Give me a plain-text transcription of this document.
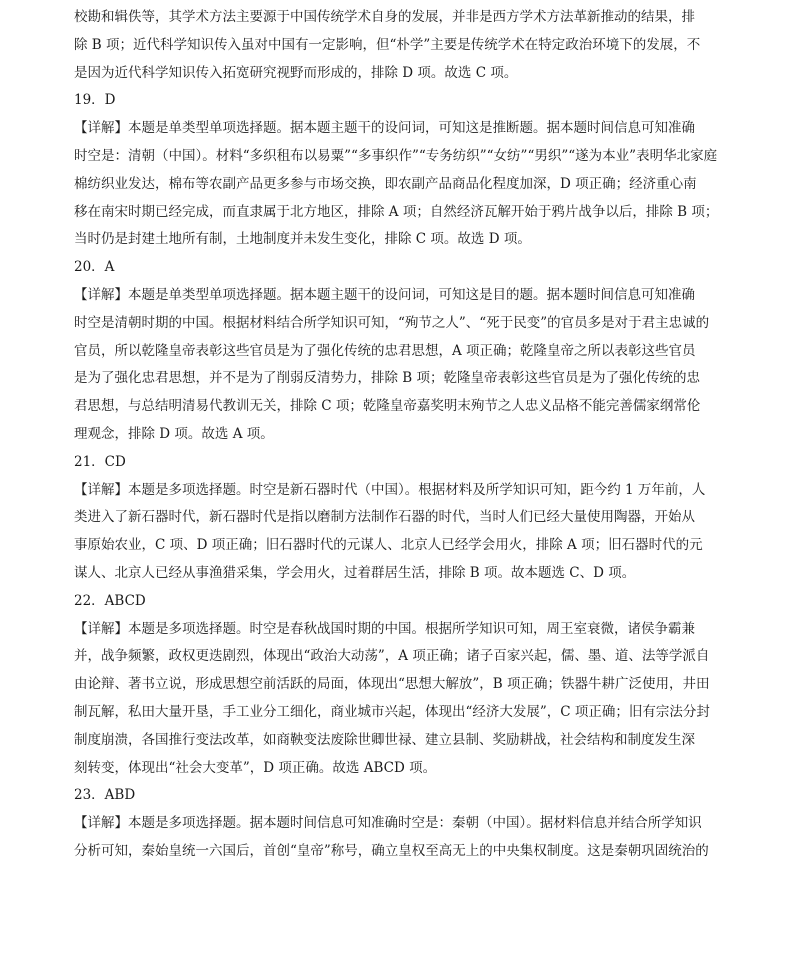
校勘和辑佚等，其学术方法主要源于中国传统学术自身的发展，并非是西方学术方法革新推动的结果，排
除 B 项；近代科学知识传入虽对中国有一定影响，但“朴学”主要是传统学术在特定政治环境下的发展，不
是因为近代科学知识传入拓宽研究视野而形成的，排除 D 项。故选 C 项。
19．D
【详解】本题是单类型单项选择题。据本题主题干的设问词，可知这是推断题。据本题时间信息可知准确
时空是：清朝（中国）。材料“多织租布以易粟”“多事织作”“专务纺织”“女纺”“男织”“遂为本业”表明华北家庭
棉纺织业发达，棉布等农副产品更多参与市场交换，即农副产品商品化程度加深，D 项正确；经济重心南
移在南宋时期已经完成，而直隶属于北方地区，排除 A 项；自然经济瓦解开始于鸦片战争以后，排除 B 项；
当时仍是封建土地所有制，土地制度并未发生变化，排除 C 项。故选 D 项。
20．A
【详解】本题是单类型单项选择题。据本题主题干的设问词，可知这是目的题。据本题时间信息可知准确
时空是清朝时期的中国。根据材料结合所学知识可知，“殉节之人”、“死于民变”的官员多是对于君主忠诚的
官员，所以乾隆皇帝表彰这些官员是为了强化传统的忠君思想，A 项正确；乾隆皇帝之所以表彰这些官员
是为了强化忠君思想，并不是为了削弱反清势力，排除 B 项；乾隆皇帝表彰这些官员是为了强化传统的忠
君思想，与总结明清易代教训无关，排除 C 项；乾隆皇帝嘉奖明末殉节之人忠义品格不能完善儒家纲常伦
理观念，排除 D 项。故选 A 项。
21．CD
【详解】本题是多项选择题。时空是新石器时代（中国）。根据材料及所学知识可知，距今约 1 万年前，人
类进入了新石器时代，新石器时代是指以磨制方法制作石器的时代，当时人们已经大量使用陶器，开始从
事原始农业，C 项、D 项正确；旧石器时代的元谋人、北京人已经学会用火，排除 A 项；旧石器时代的元
谋人、北京人已经从事渔猎采集，学会用火，过着群居生活，排除 B 项。故本题选 C、D 项。
22．ABCD
【详解】本题是多项选择题。时空是春秋战国时期的中国。根据所学知识可知，周王室衰微，诸侯争霸兼
并，战争频繁，政权更迭剧烈，体现出“政治大动荡”，A 项正确；诸子百家兴起，儒、墨、道、法等学派自
由论辩、著书立说，形成思想空前活跃的局面，体现出“思想大解放”，B 项正确；铁器牛耕广泛使用，井田
制瓦解，私田大量开垦，手工业分工细化，商业城市兴起，体现出“经济大发展”，C 项正确；旧有宗法分封
制度崩溃，各国推行变法改革，如商鞅变法废除世卿世禄、建立县制、奖励耕战，社会结构和制度发生深
刻转变，体现出“社会大变革”，D 项正确。故选 ABCD 项。
23．ABD
【详解】本题是多项选择题。据本题时间信息可知准确时空是：秦朝（中国）。据材料信息并结合所学知识
分析可知，秦始皇统一六国后，首创“皇帝”称号，确立皇权至高无上的中央集权制度。这是秦朝巩固统治的
